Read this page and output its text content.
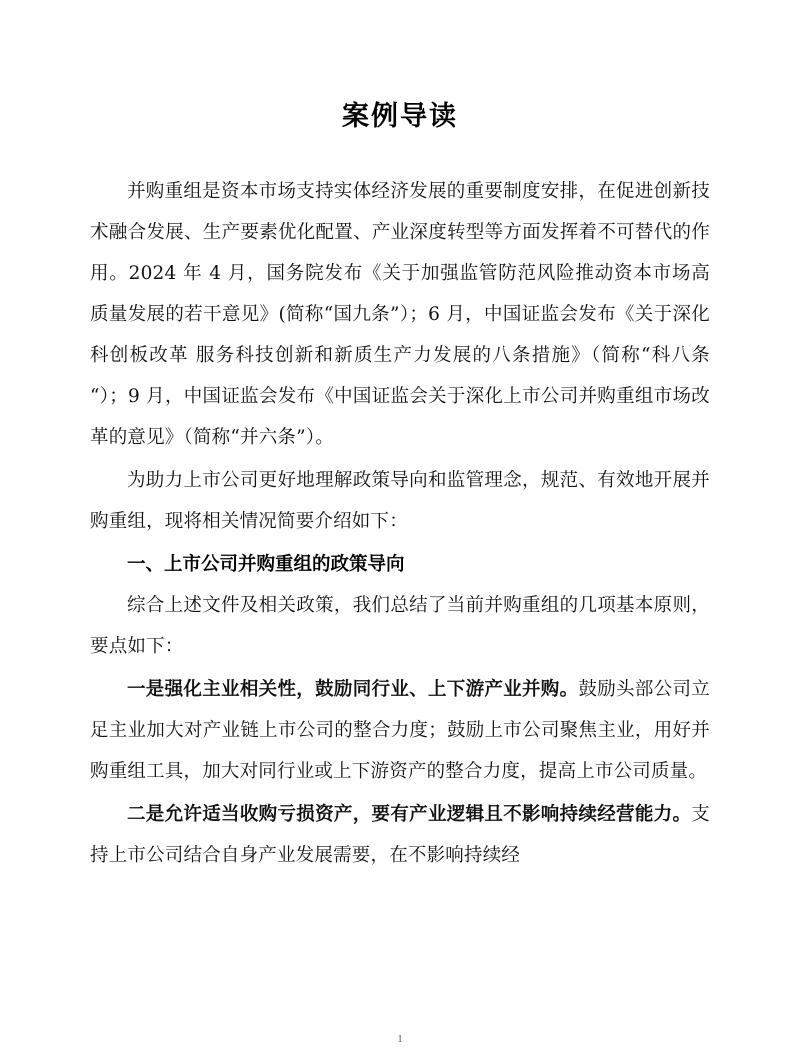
案例导读

并购重组是资本市场支持实体经济发展的重要制度安排，在促进创新技术融合发展、生产要素优化配置、产业深度转型等方面发挥着不可替代的作用。2024 年 4 月，国务院发布《关于加强监管防范风险推动资本市场高质量发展的若干意见》(简称“国九条”）；6 月，中国证监会发布《关于深化科创板改革 服务科技创新和新质生产力发展的八条措施》（简称“科八条“）；9 月，中国证监会发布《中国证监会关于深化上市公司并购重组市场改革的意见》（简称“并六条”）。

为助力上市公司更好地理解政策导向和监管理念，规范、有效地开展并购重组，现将相关情况简要介绍如下：

一、上市公司并购重组的政策导向

综合上述文件及相关政策，我们总结了当前并购重组的几项基本原则，要点如下：

一是强化主业相关性，鼓励同行业、上下游产业并购。鼓励头部公司立足主业加大对产业链上市公司的整合力度；鼓励上市公司聚焦主业，用好并购重组工具，加大对同行业或上下游资产的整合力度，提高上市公司质量。

二是允许适当收购亏损资产，要有产业逻辑且不影响持续经营能力。支持上市公司结合自身产业发展需要，在不影响持续经

1
